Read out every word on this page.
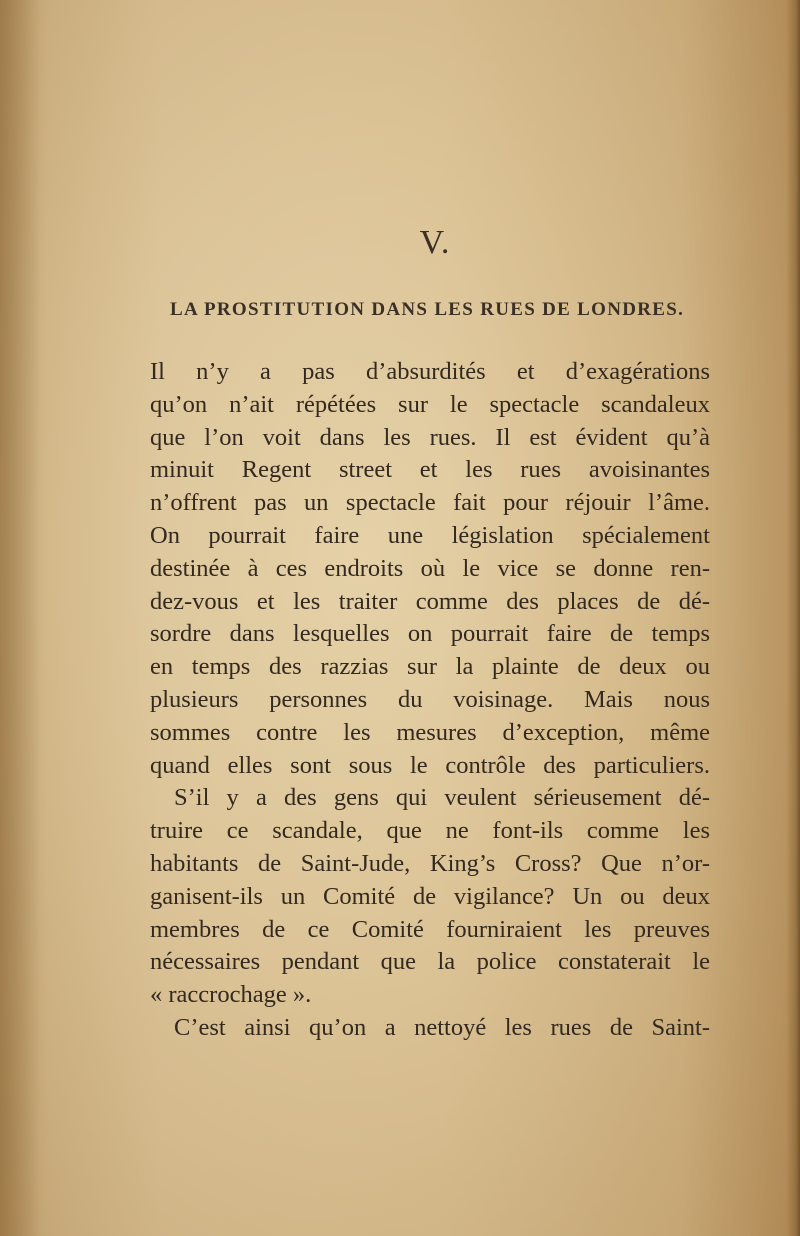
V.
LA PROSTITUTION DANS LES RUES DE LONDRES.
Il n’y a pas d’absurdités et d’exagérations
qu’on n’ait répétées sur le spectacle scandaleux
que l’on voit dans les rues. Il est évident qu’à
minuit Regent street et les rues avoisinantes
n’offrent pas un spectacle fait pour réjouir l’âme.
On pourrait faire une législation spécialement
destinée à ces endroits où le vice se donne ren-
dez-vous et les traiter comme des places de dé-
sordre dans lesquelles on pourrait faire de temps
en temps des razzias sur la plainte de deux ou
plusieurs personnes du voisinage. Mais nous
sommes contre les mesures d’exception, même
quand elles sont sous le contrôle des particuliers.
S’il y a des gens qui veulent sérieusement dé-
truire ce scandale, que ne font-ils comme les
habitants de Saint-Jude, King’s Cross? Que n’or-
ganisent-ils un Comité de vigilance? Un ou deux
membres de ce Comité fourniraient les preuves
nécessaires pendant que la police constaterait le
« raccrochage ».
C’est ainsi qu’on a nettoyé les rues de Saint-
